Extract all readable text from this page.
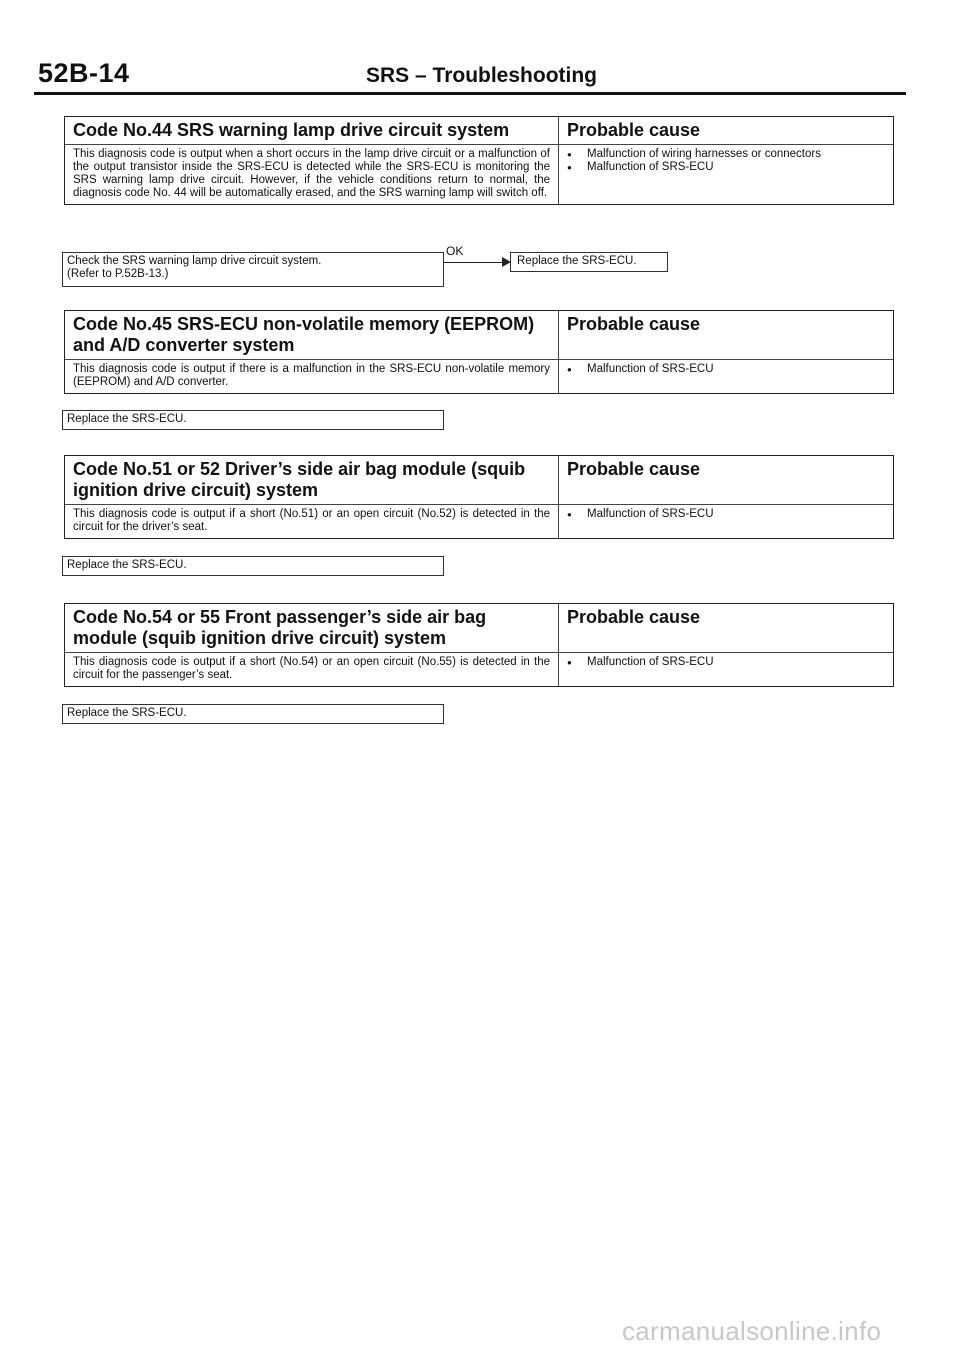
52B-14	SRS – Troubleshooting
Code No.44 SRS warning lamp drive circuit system	Probable cause
This diagnosis code is output when a short occurs in the lamp drive circuit or a malfunction of the output transistor inside the SRS-ECU is detected while the SRS-ECU is monitoring the SRS warning lamp drive circuit. However, if the vehicle conditions return to normal, the diagnosis code No. 44 will be automatically erased, and the SRS warning lamp will switch off.
● Malfunction of wiring harnesses or connectors
● Malfunction of SRS-ECU
Check the SRS warning lamp drive circuit system.
(Refer to P.52B-13.)
OK
Replace the SRS-ECU.
Code No.45 SRS-ECU non-volatile memory (EEPROM) and A/D converter system
Probable cause
This diagnosis code is output if there is a malfunction in the SRS-ECU non-volatile memory (EEPROM) and A/D converter.
● Malfunction of SRS-ECU
Replace the SRS-ECU.
Code No.51 or 52 Driver’s side air bag module (squib ignition drive circuit) system
Probable cause
This diagnosis code is output if a short (No.51) or an open circuit (No.52) is detected in the circuit for the driver’s seat.
● Malfunction of SRS-ECU
Replace the SRS-ECU.
Code No.54 or 55 Front passenger’s side air bag module (squib ignition drive circuit) system
Probable cause
This diagnosis code is output if a short (No.54) or an open circuit (No.55) is detected in the circuit for the passenger’s seat.
● Malfunction of SRS-ECU
Replace the SRS-ECU.
carmanualsonline.info
